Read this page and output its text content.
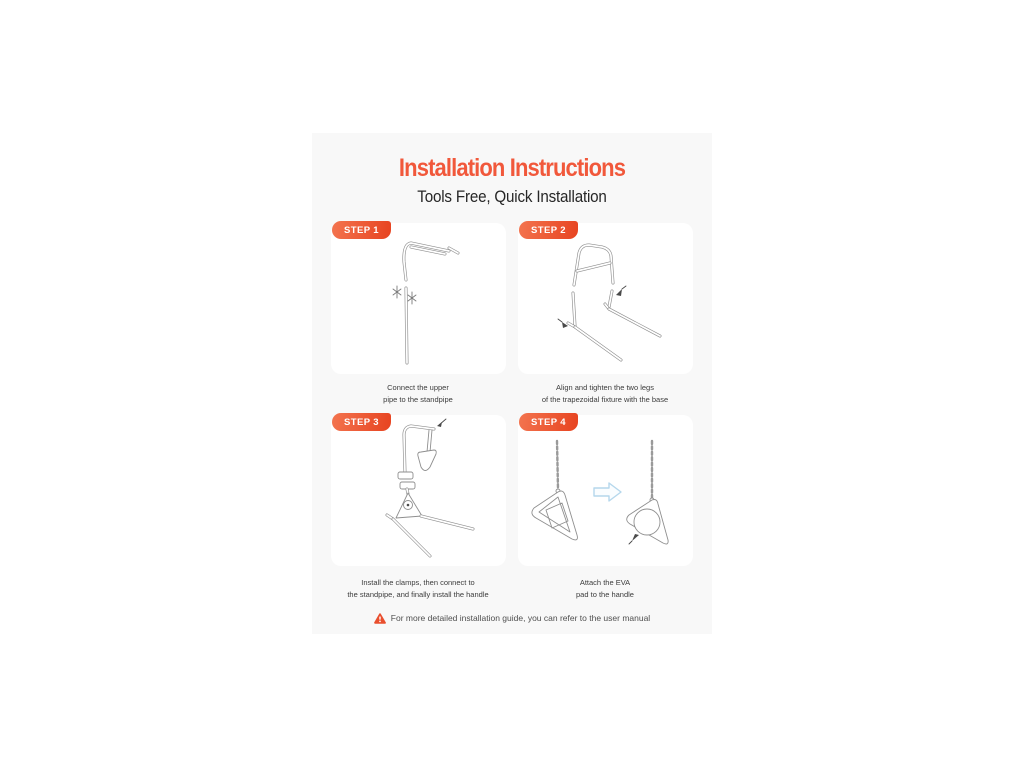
Installation Instructions
Tools Free, Quick Installation
STEP 1	STEP 2
STEP 3	STEP 4
Connect the upper
pipe to the standpipe
Align and tighten the two legs
of the trapezoidal fixture with the base
Install the clamps, then connect to
the standpipe, and finally install the handle
Attach the EVA
pad to the handle
For more detailed installation guide, you can refer to the user manual
